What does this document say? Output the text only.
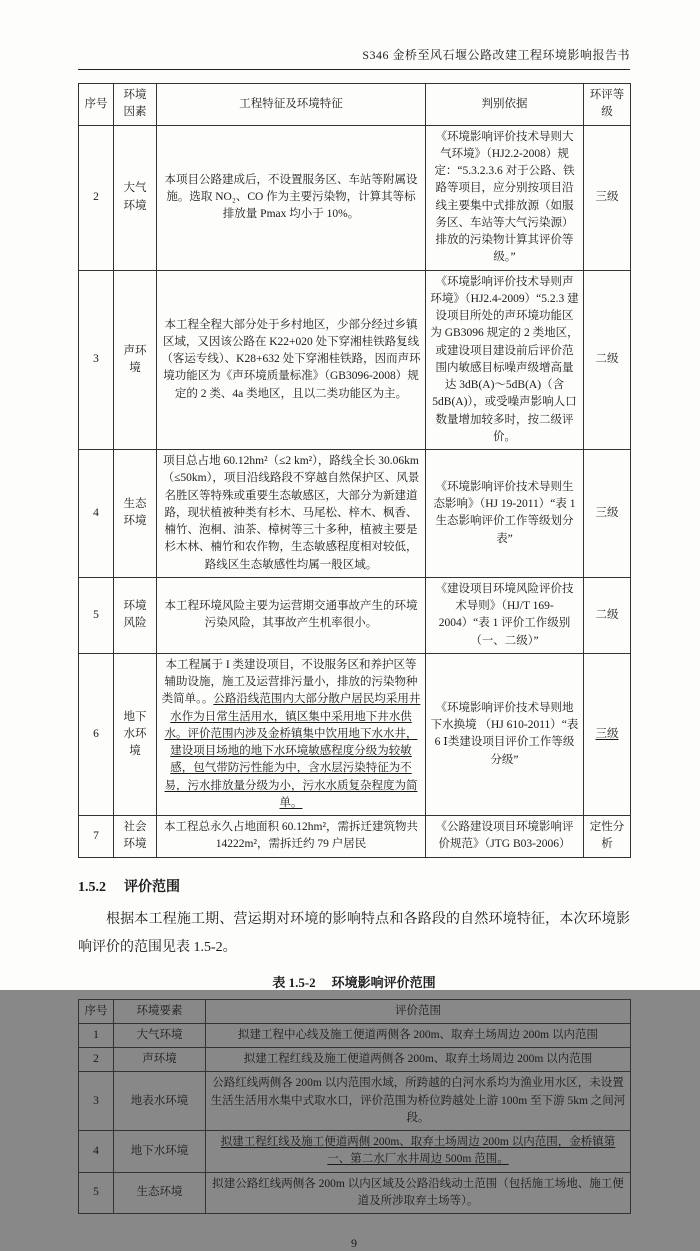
S346 金桥至风石堰公路改建工程环境影响报告书
序号	环境因素	工程特征及环境特征	判别依据	环评等级
2	大气环境	本项目公路建成后，不设置服务区、车站等附属设施。选取 NO₂、CO 作为主要污染物，计算其等标排放量 Pmax 均小于 10%。	《环境影响评价技术导则大气环境》（HJ2.2-2008）规定：“5.3.2.3.6 对于公路、铁路等项目，应分别按项目沿线主要集中式排放源（如服务区、车站等大气污染源）排放的污染物计算其评价等级。”	三级
3	声环境	本工程全程大部分处于乡村地区，少部分经过乡镇区域，又因该公路在 K22+020 处下穿湘桂铁路复线（客运专线）、K28+632 处下穿湘桂铁路，因而声环境功能区为《声环境质量标准》（GB3096-2008）规定的 2 类、4a 类地区，且以二类功能区为主。	《环境影响评价技术导则声环境》（HJ2.4-2009）“5.2.3 建设项目所处的声环境功能区为 GB3096 规定的 2 类地区，或建设项目建设前后评价范围内敏感目标噪声级增高量达 3dB(A)～5dB(A)（含 5dB(A)），或受噪声影响人口数量增加较多时，按二级评价。	二级
4	生态环境	项目总占地 60.12hm²（≤2 km²），路线全长 30.06km（≤50km），项目沿线路段不穿越自然保护区、风景名胜区等特殊或重要生态敏感区，大部分为新建道路，现状植被种类有杉木、马尾松、梓木、枫香、楠竹、泡桐、油茶、樟树等三十多种，植被主要是杉木林、楠竹和农作物，生态敏感程度相对较低，路线区生态敏感性均属一般区域。	《环境影响评价技术导则生态影响》（HJ 19-2011）“表 1 生态影响评价工作等级划分表”	三级
5	环境风险	本工程环境风险主要为运营期交通事故产生的环境污染风险，其事故产生机率很小。	《建设项目环境风险评价技术导则》（HJ/T 169-2004）“表 1 评价工作级别（一、二级）”	二级
6	地下水环境	本工程属于 I 类建设项目，不设服务区和养护区等辅助设施，施工及运营排污量小，排放的污染物种类简单。。公路沿线范围内大部分散户居民均采用井水作为日常生活用水，镇区集中采用地下井水供水。评价范围内涉及金桥镇集中饮用地下水水井，建设项目场地的地下水环境敏感程度分级为较敏感，包气带防污性能为中，含水层污染特征为不易，污水排放量分级为小，污水水质复杂程度为简单。	《环境影响评价技术导则地下水换境 （HJ 610-2011）“表 6 Ⅰ类建设项目评价工作等级分级”	三级
7	社会环境	本工程总永久占地面积 60.12hm²，需拆迁建筑物共 14222m²，需拆迁约 79 户居民	《公路建设项目环境影响评价规范》（JTG B03-2006）	定性分析
1.5.2 评价范围

根据本工程施工期、营运期对环境的影响特点和各路段的自然环境特征，本次环境影响评价的范围见表 1.5-2。

表 1.5-2 环境影响评价范围
序号	环境要素	评价范围
1	大气环境	拟建工程中心线及施工便道两侧各 200m、取弃土场周边 200m 以内范围
2	声环境	拟建工程红线及施工便道两侧各 200m、取弃土场周边 200m 以内范围
3	地表水环境	公路红线两侧各 200m 以内范围水域，所跨越的白河水系均为渔业用水区，未设置生活生活用水集中式取水口，评价范围为桥位跨越处上游 100m 至下游 5km 之间河段。
4	地下水环境	拟建工程红线及施工便道两侧 200m、取弃土场周边 200m 以内范围，金桥镇第一、第二水厂水井周边 500m 范围。
5	生态环境	拟建公路红线两侧各 200m 以内区域及公路沿线动土范围（包括施工场地、施工便道及所涉取弃土场等）。
9
